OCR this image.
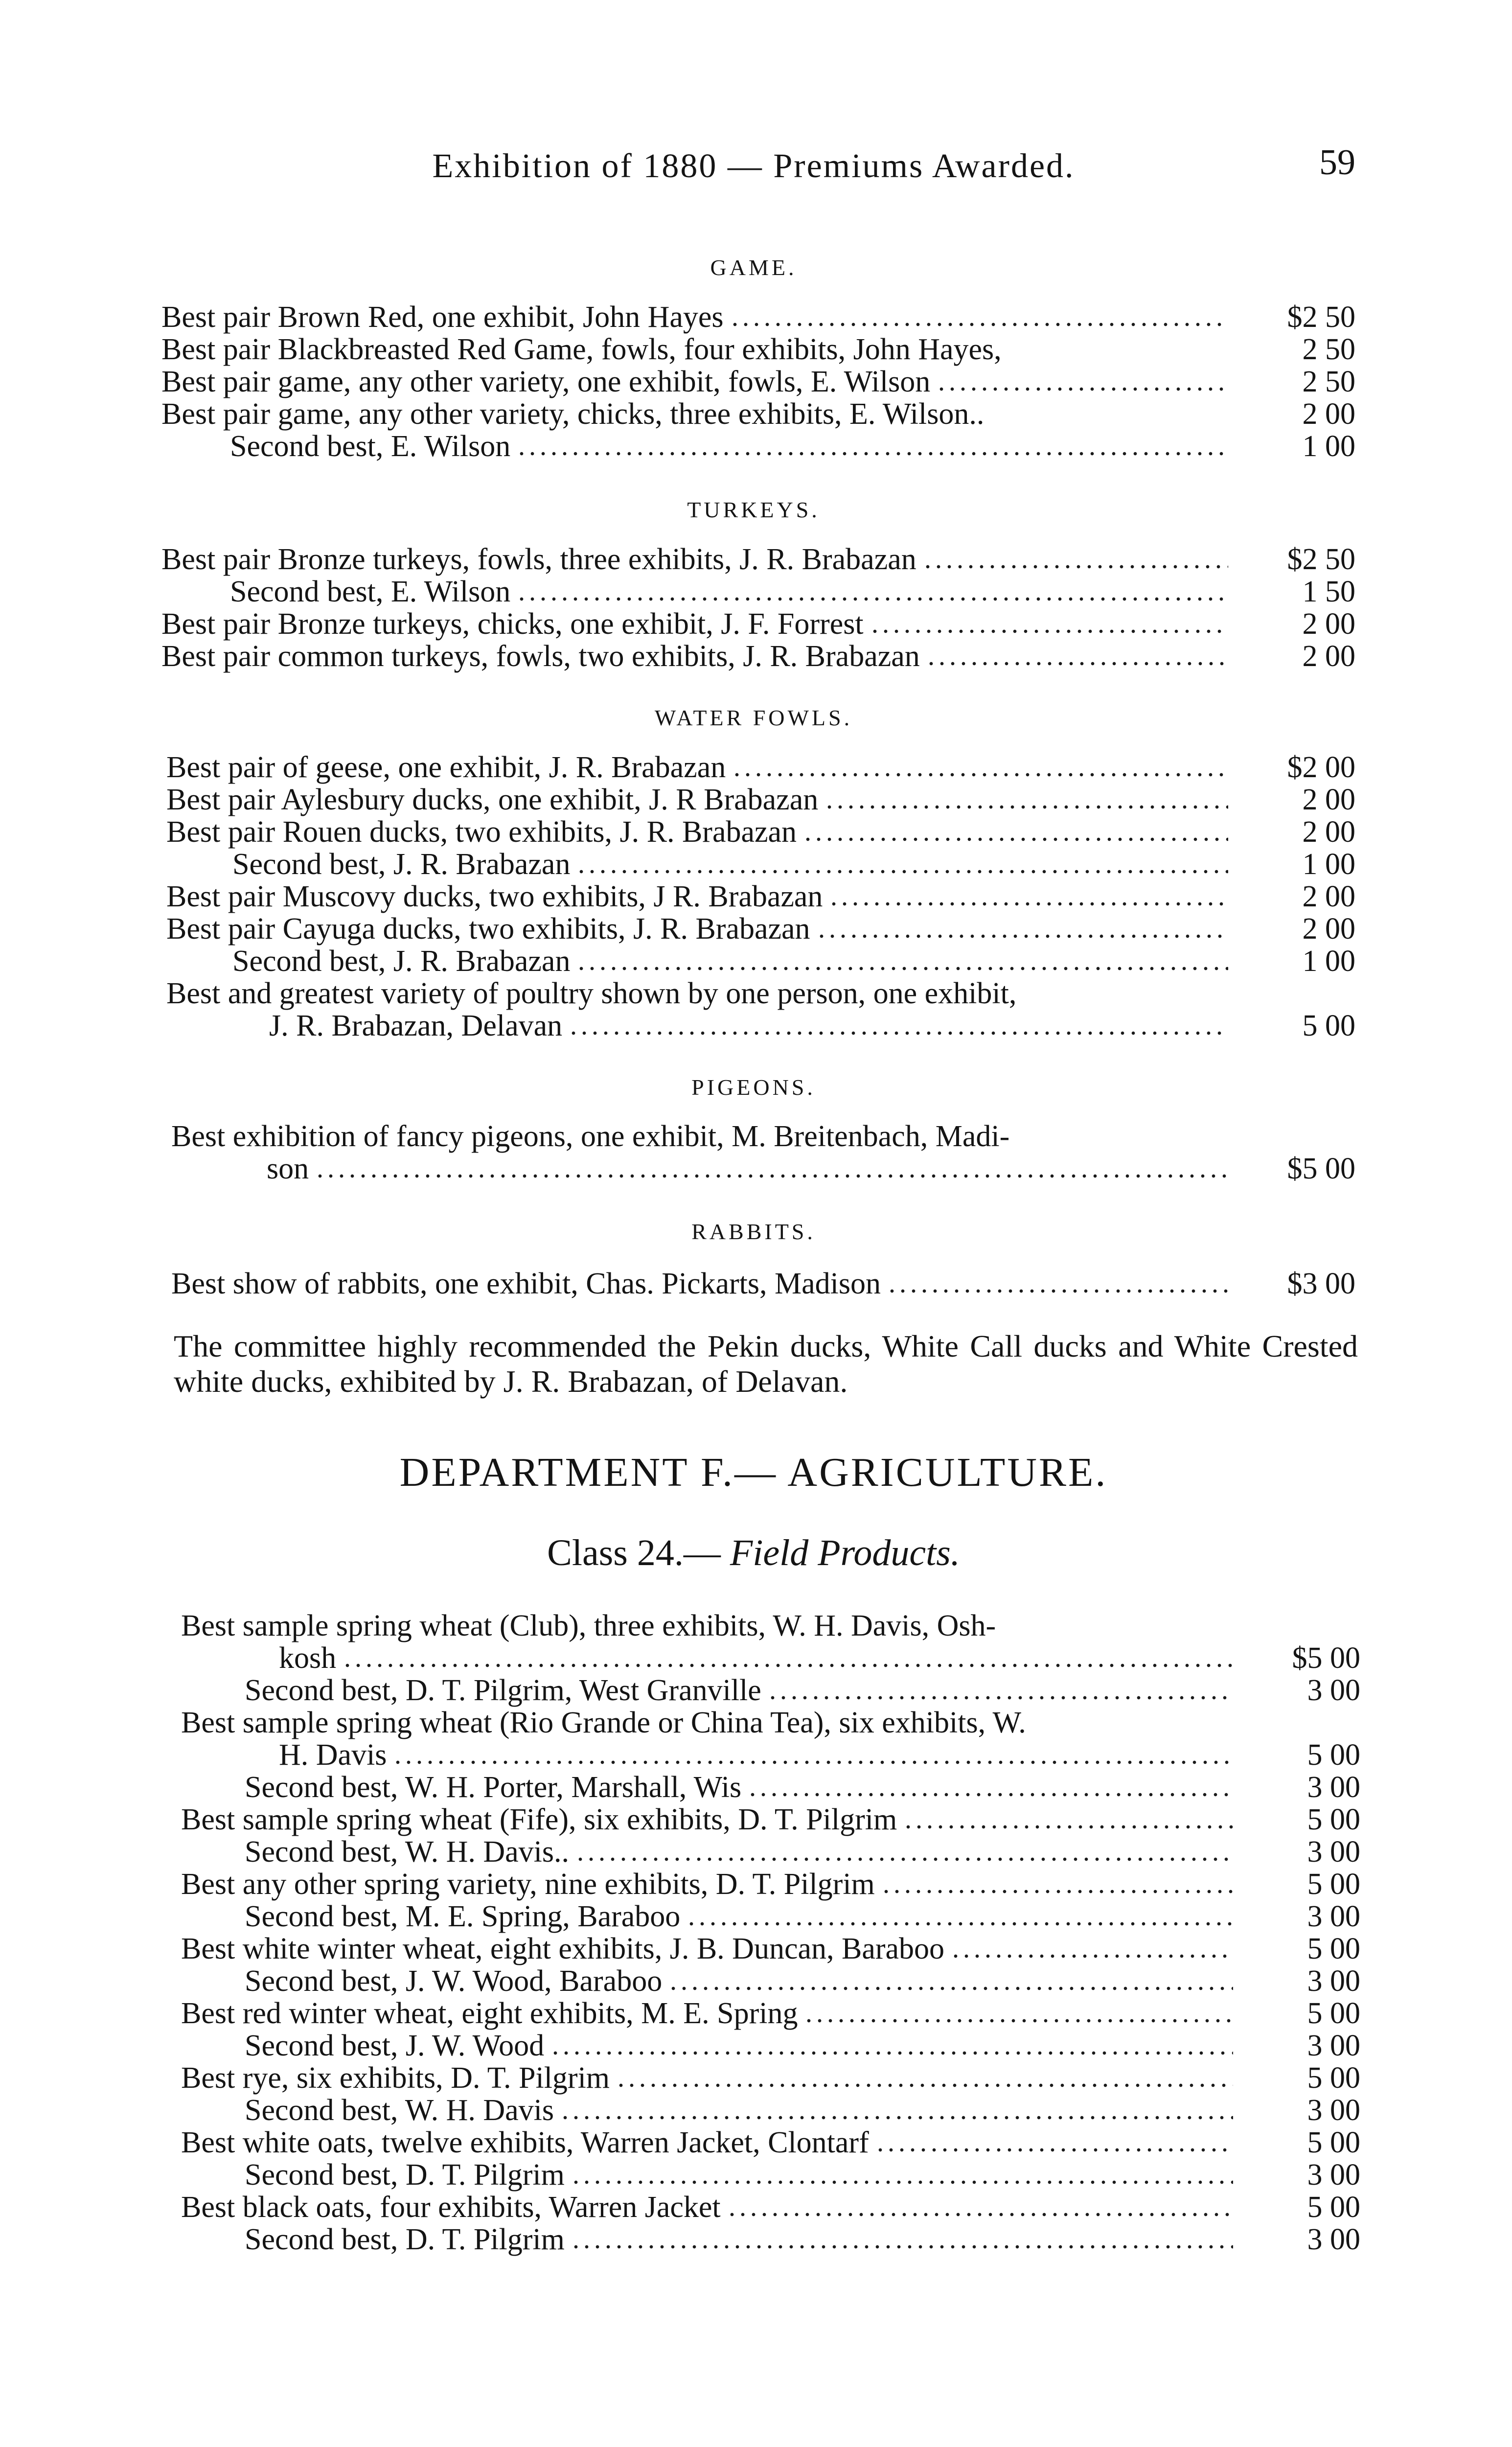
Exhibition of 1880 — Premiums Awarded.	59
GAME.
Best pair Brown Red, one exhibit, John Hayes	$2 50
Best pair Blackbreasted Red Game, fowls, four exhibits, John Hayes,	2 50
Best pair game, any other variety, one exhibit, fowls, E. Wilson	2 50
Best pair game, any other variety, chicks, three exhibits, E. Wilson..	2 00
Second best, E. Wilson	1 00
TURKEYS.
Best pair Bronze turkeys, fowls, three exhibits, J. R. Brabazan	$2 50
Second best, E. Wilson	1 50
Best pair Bronze turkeys, chicks, one exhibit, J. F. Forrest	2 00
Best pair common turkeys, fowls, two exhibits, J. R. Brabazan	2 00
WATER FOWLS.
Best pair of geese, one exhibit, J. R. Brabazan	$2 00
Best pair Aylesbury ducks, one exhibit, J. R Brabazan	2 00
Best pair Rouen ducks, two exhibits, J. R. Brabazan	2 00
Second best, J. R. Brabazan	1 00
Best pair Muscovy ducks, two exhibits, J R. Brabazan	2 00
Best pair Cayuga ducks, two exhibits, J. R. Brabazan	2 00
Second best, J. R. Brabazan	1 00
Best and greatest variety of poultry shown by one person, one exhibit,
J. R. Brabazan, Delavan	5 00
PIGEONS.
Best exhibition of fancy pigeons, one exhibit, M. Breitenbach, Madi-
son	$5 00
RABBITS.
Best show of rabbits, one exhibit, Chas. Pickarts, Madison	$3 00
The committee highly recommended the Pekin ducks, White Call ducks and White Crested white ducks, exhibited by J. R. Brabazan, of Delavan.
DEPARTMENT F.— AGRICULTURE.
Class 24.— Field Products.
Best sample spring wheat (Club), three exhibits, W. H. Davis, Osh-
kosh	$5 00
Second best, D. T. Pilgrim, West Granville	3 00
Best sample spring wheat (Rio Grande or China Tea), six exhibits, W.
H. Davis	5 00
Second best, W. H. Porter, Marshall, Wis	3 00
Best sample spring wheat (Fife), six exhibits, D. T. Pilgrim	5 00
Second best, W. H. Davis..	3 00
Best any other spring variety, nine exhibits, D. T. Pilgrim	5 00
Second best, M. E. Spring, Baraboo	3 00
Best white winter wheat, eight exhibits, J. B. Duncan, Baraboo	5 00
Second best, J. W. Wood, Baraboo	3 00
Best red winter wheat, eight exhibits, M. E. Spring	5 00
Second best, J. W. Wood	3 00
Best rye, six exhibits, D. T. Pilgrim	5 00
Second best, W. H. Davis	3 00
Best white oats, twelve exhibits, Warren Jacket, Clontarf	5 00
Second best, D. T. Pilgrim	3 00
Best black oats, four exhibits, Warren Jacket	5 00
Second best, D. T. Pilgrim	3 00
